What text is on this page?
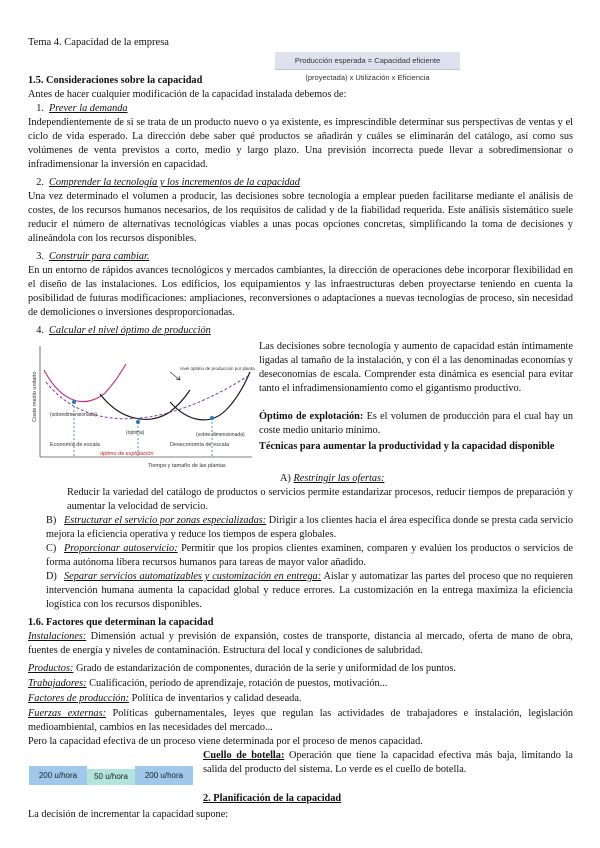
Tema 4. Capacidad de la empresa
Producción esperada = Capacidad eficiente (proyectada) x Utilización x Eficiencia

1.5. Consideraciones sobre la capacidad

Antes de hacer cualquier modificación de la capacidad instalada debemos de:

1. Prever la demanda

Independientemente de si se trata de un producto nuevo o ya existente, es imprescindible determinar sus perspectivas de ventas y el ciclo de vida esperado. La dirección debe saber qué productos se añadirán y cuáles se eliminarán del catálogo, así como sus volúmenes de venta previstos a corto, medio y largo plazo. Una previsión incorrecta puede llevar a sobredimensionar o infradimensionar la inversión en capacidad.

2. Comprender la tecnología y los incrementos de la capacidad

Una vez determinado el volumen a producir, las decisiones sobre tecnología a emplear pueden facilitarse mediante el análisis de costes, de los recursos humanos necesarios, de los requisitos de calidad y de la fiabilidad requerida. Este análisis sistemático suele reducir el número de alternativas tecnológicas viables a unas pocas opciones concretas, simplificando la toma de decisiones y alineándola con los recursos disponibles.

3. Construir para cambiar.

En un entorno de rápidos avances tecnológicos y mercados cambiantes, la dirección de operaciones debe incorporar flexibilidad en el diseño de las instalaciones. Los edificios, los equipamientos y las infraestructuras deben proyectarse teniendo en cuenta la posibilidad de futuras modificaciones: ampliaciones, reconversiones o adaptaciones a nuevas tecnologías de proceso, sin necesidad de demoliciones o inversiones desproporcionadas.

4. Calcular el nivel óptimo de producción

Coste medio unitario
Tiempo y tamaño de las plantas
(sobredimensionada)
(óptima)
nivel óptimo de producción por planta
(sobre-dimensionada)
Economía de escala	Deseconomía de escala
óptimo de explotación

Las decisiones sobre tecnología y aumento de capacidad están íntimamente ligadas al tamaño de la instalación, y con él a las denominadas economías y deseconomías de escala. Comprender esta dinámica es esencial para evitar tanto el infradimensionamiento como el gigantismo productivo.

Óptimo de explotación: Es el volumen de producción para el cual hay un coste medio unitario mínimo.

Técnicas para aumentar la productividad y la capacidad disponible

A) Restringir las ofertas:

Reducir la variedad del catálogo de productos o servicios permite estandarizar procesos, reducir tiempos de preparación y aumentar la velocidad de servicio.

B) Estructurar el servicio por zonas especializadas: Dirigir a los clientes hacia el área específica donde se presta cada servicio mejora la eficiencia operativa y reduce los tiempos de espera globales.

C) Proporcionar autoservicio: Permitir que los propios clientes examinen, comparen y evalúen los productos o servicios de forma autónoma libera recursos humanos para tareas de mayor valor añadido.

D) Separar servicios automatizables y customización en entrega: Aislar y automatizar las partes del proceso que no requieren intervención humana aumenta la capacidad global y reduce errores. La customización en la entrega maximiza la eficiencia logística con los recursos disponibles.

1.6. Factores que determinan la capacidad

Instalaciones: Dimensión actual y previsión de expansión, costes de transporte, distancia al mercado, oferta de mano de obra, fuentes de energía y niveles de contaminación. Estructura del local y condiciones de salubridad.

Productos: Grado de estandarización de componentes, duración de la serie y uniformidad de los puntos.

Trabajadores: Cualificación, período de aprendizaje, rotación de puestos, motivación...

Factores de producción: Política de inventarios y calidad deseada.

Fuerzas externas: Políticas gubernamentales, leyes que regulan las actividades de trabajadores e instalación, legislación medioambiental, cambios en las necesidades del mercado...

Pero la capacidad efectiva de un proceso viene determinada por el proceso de menos capacidad.

200 u/hora	50 u/hora	200 u/hora

Cuello de botella: Operación que tiene la capacidad efectiva más baja, limitando la salida del producto del sistema. Lo verde es el cuello de botella.

2. Planificación de la capacidad

La decisión de incrementar la capacidad supone:
